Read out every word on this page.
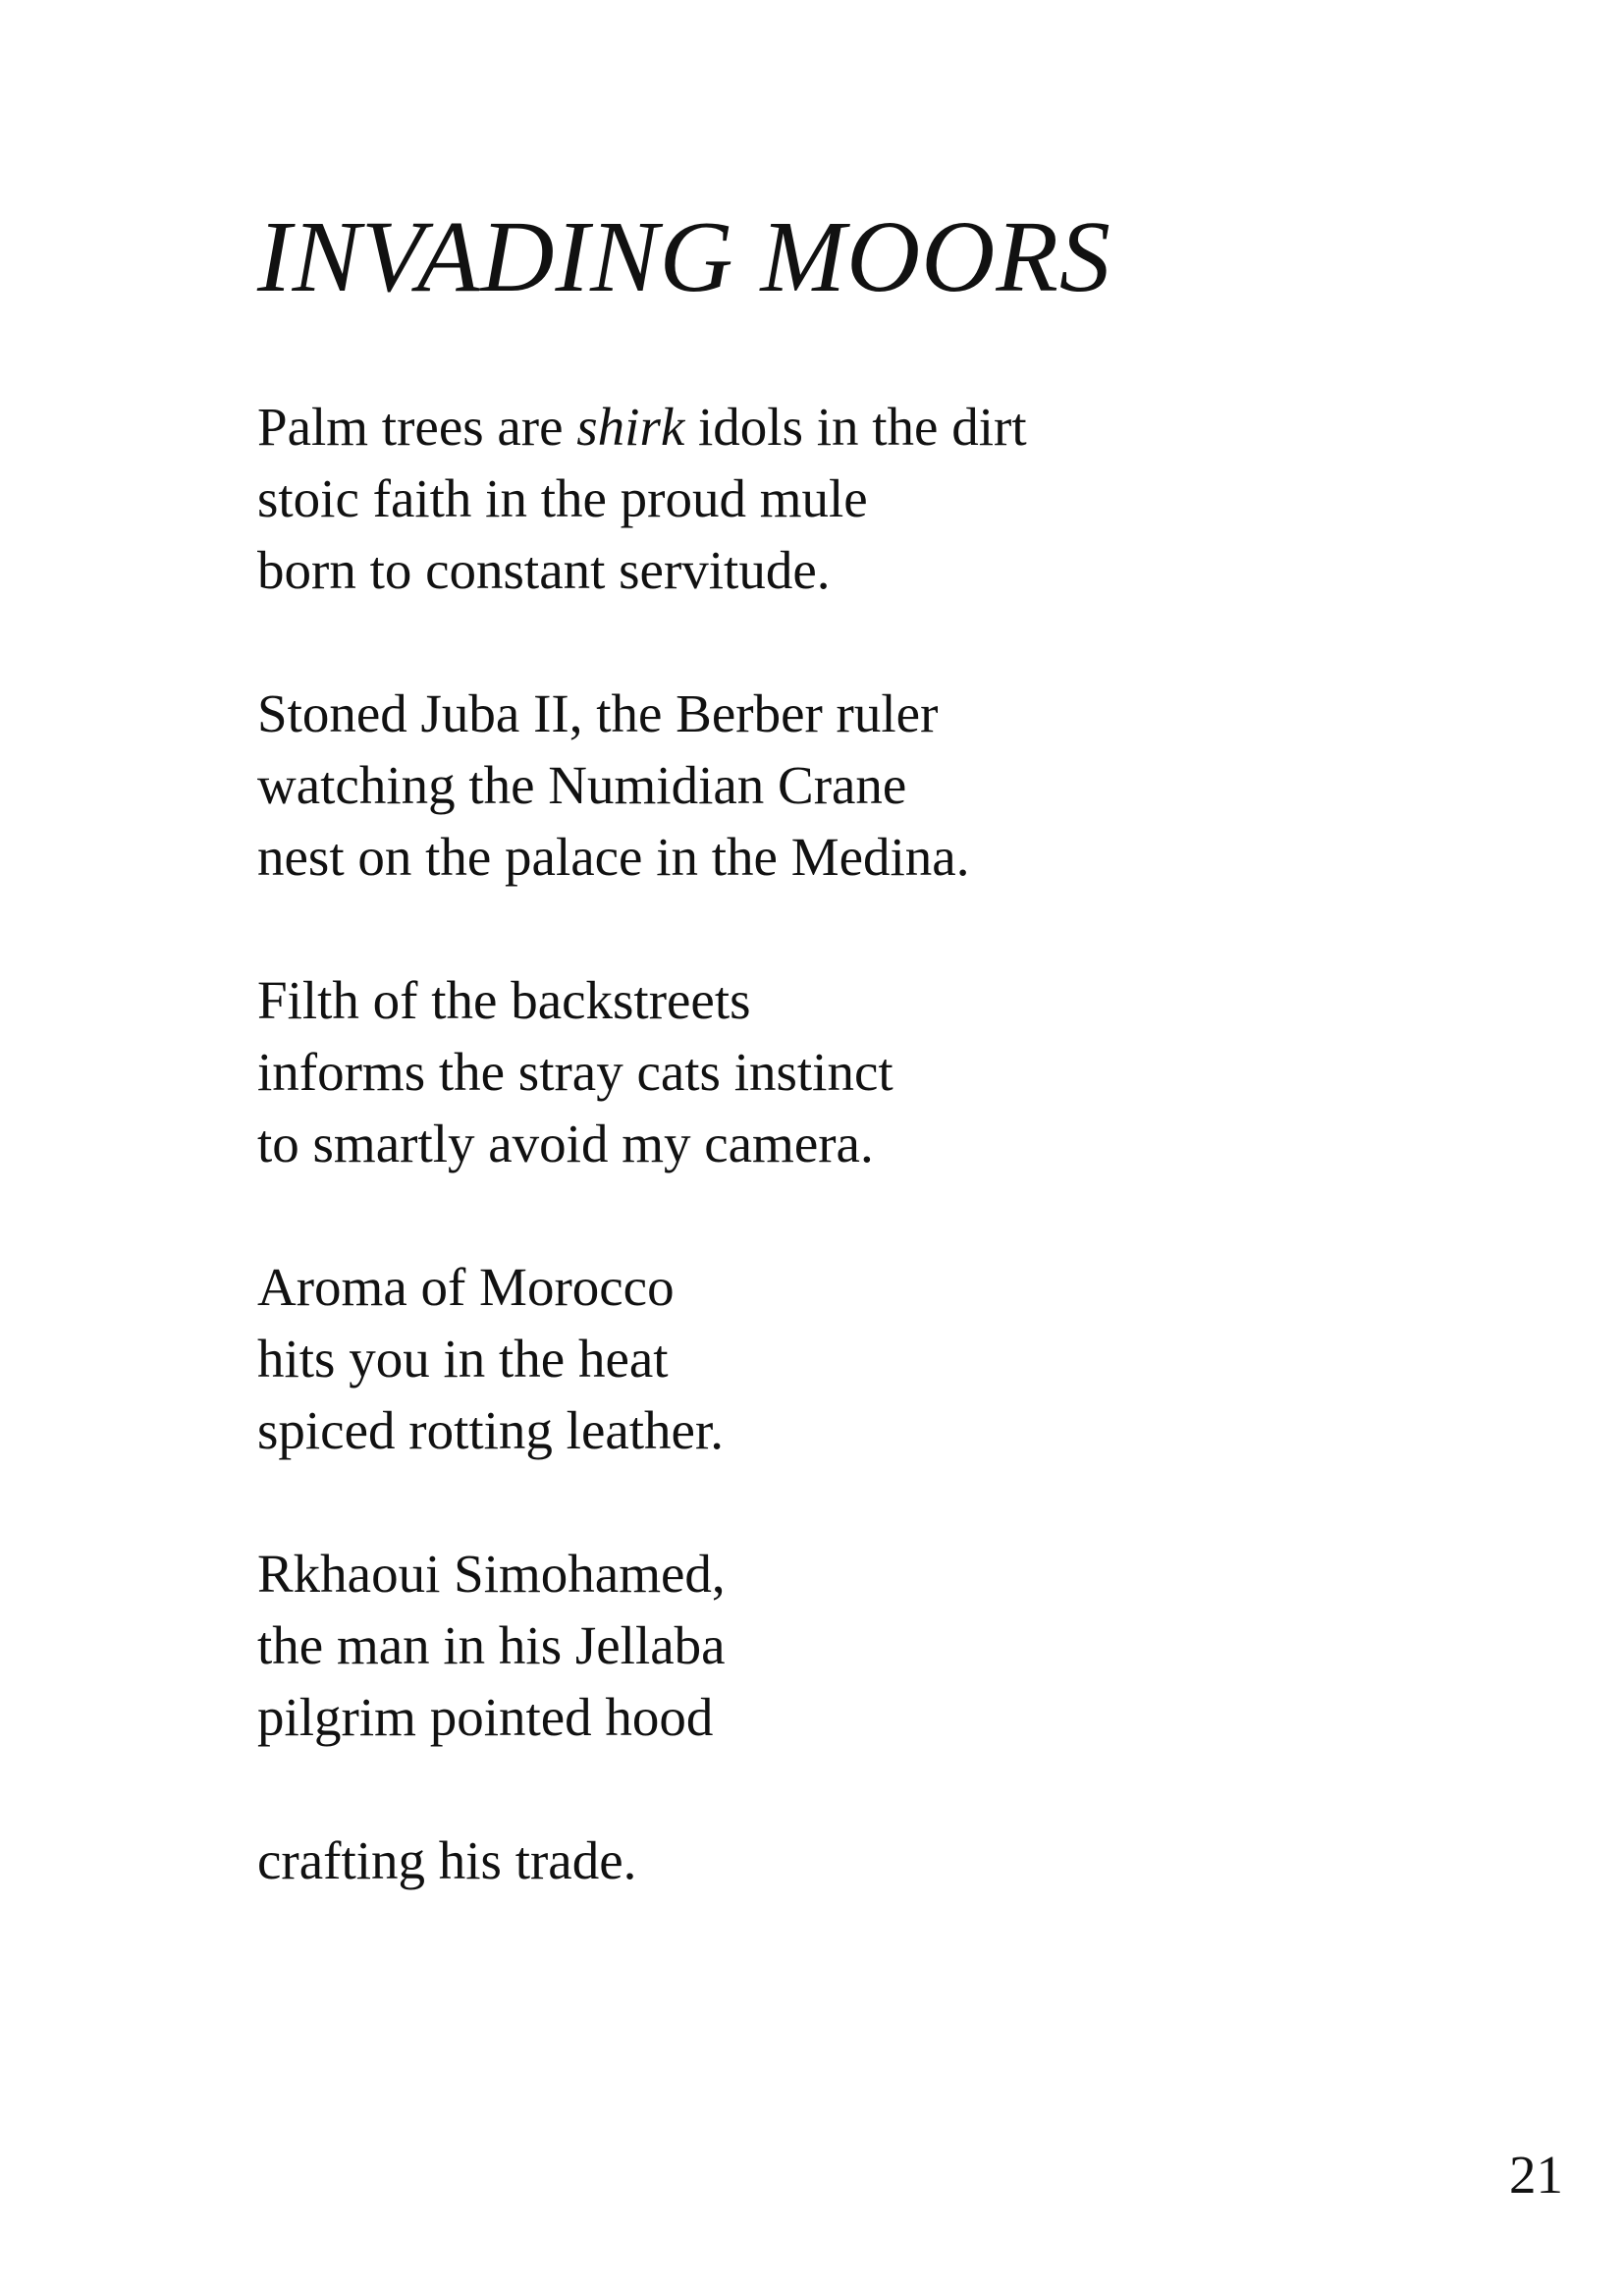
INVADING MOORS
Palm trees are shirk idols in the dirt
stoic faith in the proud mule
born to constant servitude.
Stoned Juba II, the Berber ruler
watching the Numidian Crane
nest on the palace in the Medina.
Filth of the backstreets
informs the stray cats instinct
to smartly avoid my camera.
Aroma of Morocco
hits you in the heat
spiced rotting leather.
Rkhaoui Simohamed,
the man in his Jellaba
pilgrim pointed hood
crafting his trade.
21
